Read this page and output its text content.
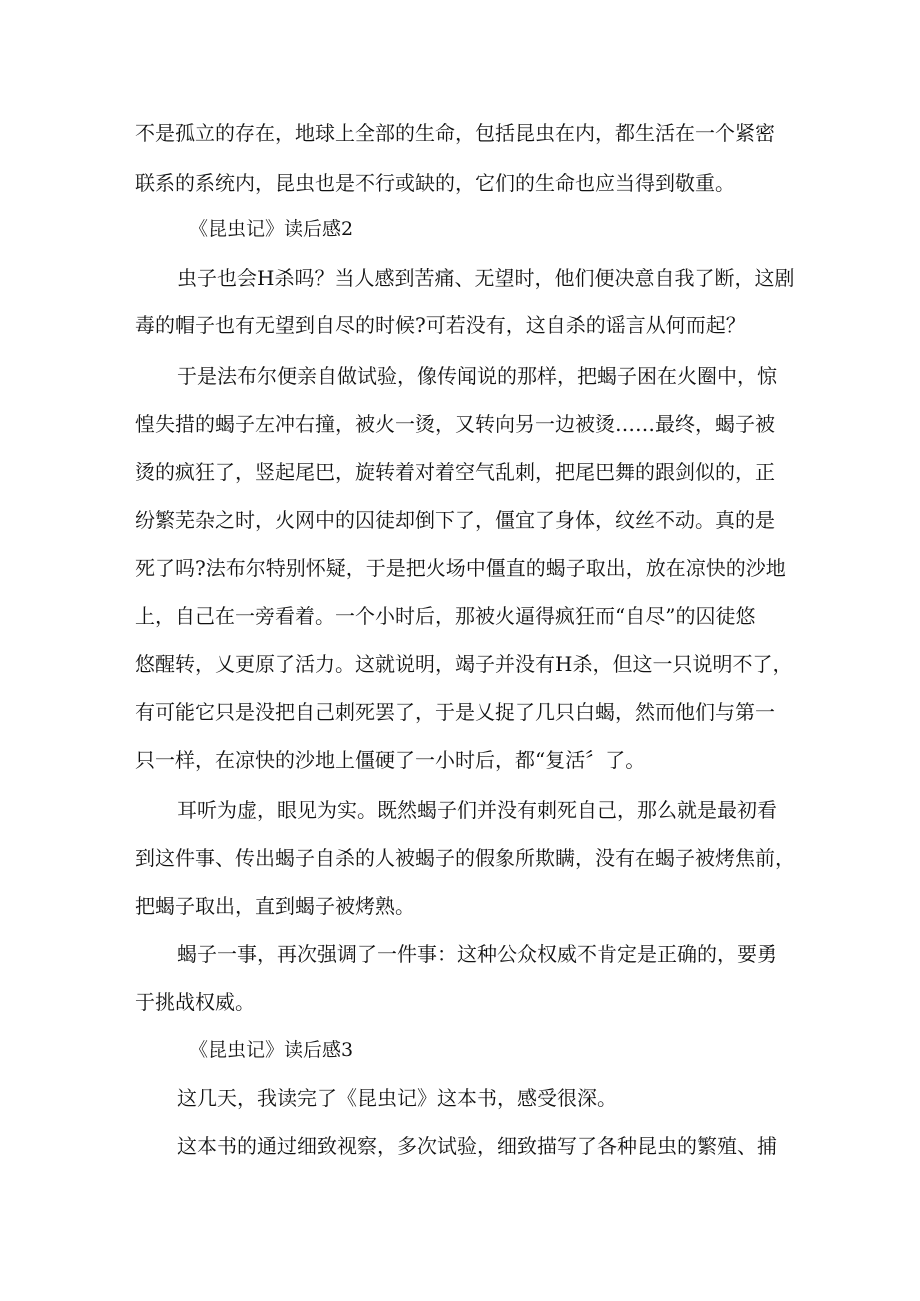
不是孤立的存在，地球上全部的生命，包括昆虫在内，都生活在一个紧密
联系的系统内，昆虫也是不行或缺的，它们的生命也应当得到敬重。
《昆虫记》读后感2
虫子也会H杀吗？当人感到苦痛、无望时，他们便决意自我了断，这剧
毒的帽子也有无望到自尽的时候?可若没有，这自杀的谣言从何而起？
于是法布尔便亲自做试验，像传闻说的那样，把蝎子困在火圈中，惊
惶失措的蝎子左冲右撞，被火一烫，又转向另一边被烫……最终，蝎子被
烫的疯狂了，竖起尾巴，旋转着对着空气乱刺，把尾巴舞的跟剑似的，正
纷繁芜杂之时，火网中的囚徒却倒下了，僵宜了身体，纹丝不动。真的是
死了吗?法布尔特别怀疑，于是把火场中僵直的蝎子取出，放在凉快的沙地
上，自己在一旁看着。一个小时后，那被火逼得疯狂而“自尽”的囚徒悠
悠醒转，乂更原了活力。这就说明，竭子并没有H杀，但这一只说明不了，
有可能它只是没把自己刺死罢了，于是乂捉了几只白蝎，然而他们与第一
只一样，在凉快的沙地上僵硬了一小时后，都“复活〞了。
耳听为虚，眼见为实。既然蝎子们并没有刺死自己，那么就是最初看
到这件事、传出蝎子自杀的人被蝎子的假象所欺瞒，没有在蝎子被烤焦前，
把蝎子取出，直到蝎子被烤熟。
蝎子一事，再次强调了一件事：这种公众权威不肯定是正确的，要勇
于挑战权威。
《昆虫记》读后感3
这几天，我读完了《昆虫记》这本书，感受很深。
这本书的通过细致视察，多次试验，细致描写了各种昆虫的繁殖、捕
